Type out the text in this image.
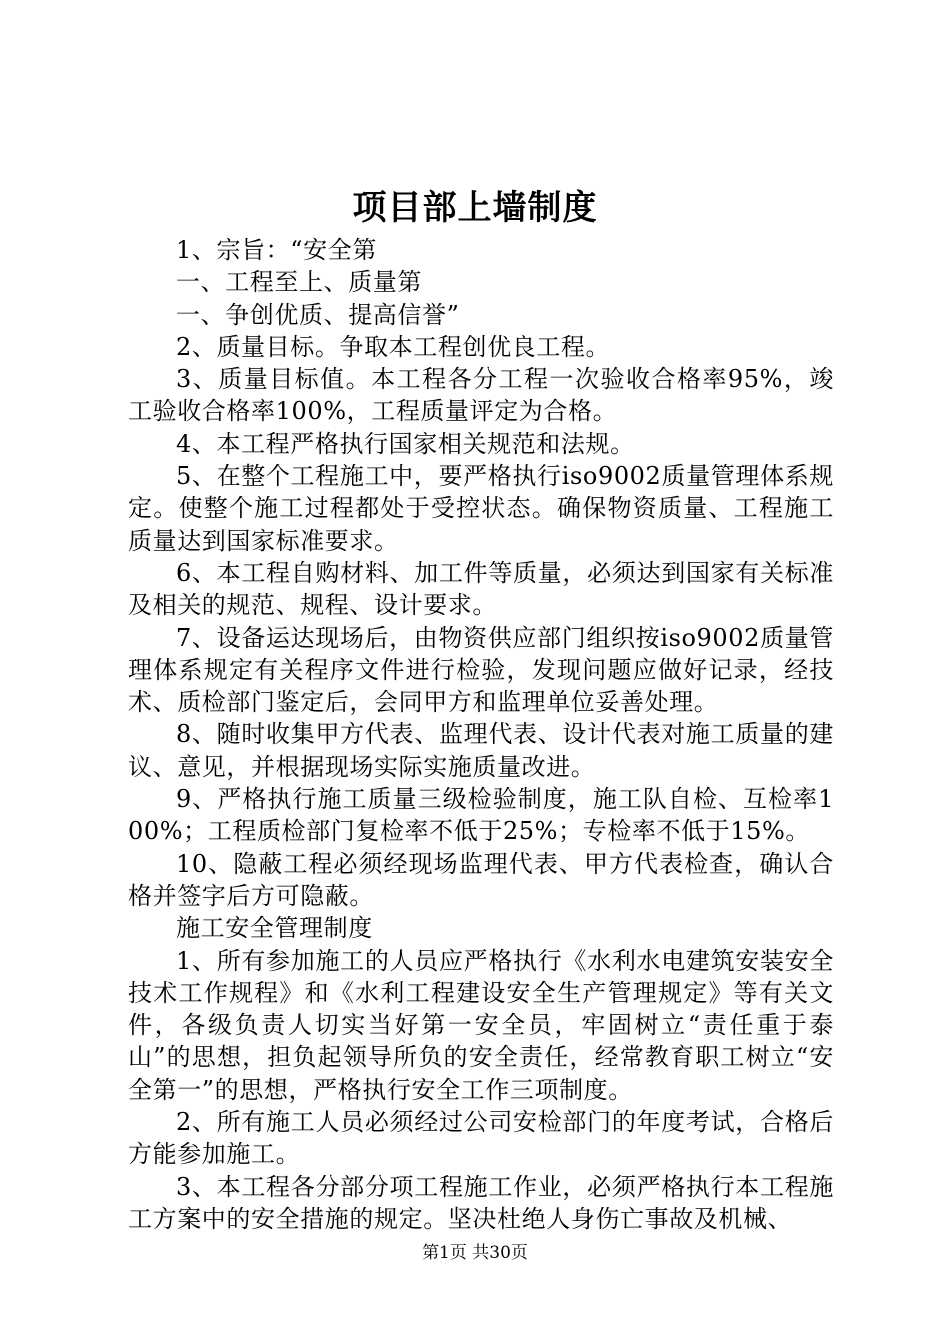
项目部上墙制度

1、宗旨：“安全第

一、工程至上、质量第

一、争创优质、提高信誉”

2、质量目标。争取本工程创优良工程。

3、质量目标值。本工程各分工程一次验收合格率95%，竣工验收合格率100%，工程质量评定为合格。

4、本工程严格执行国家相关规范和法规。

5、在整个工程施工中，要严格执行iso9002质量管理体系规定。使整个施工过程都处于受控状态。确保物资质量、工程施工质量达到国家标准要求。

6、本工程自购材料、加工件等质量，必须达到国家有关标准及相关的规范、规程、设计要求。

7、设备运达现场后，由物资供应部门组织按iso9002质量管理体系规定有关程序文件进行检验，发现问题应做好记录，经技术、质检部门鉴定后，会同甲方和监理单位妥善处理。

8、随时收集甲方代表、监理代表、设计代表对施工质量的建议、意见，并根据现场实际实施质量改进。

9、严格执行施工质量三级检验制度，施工队自检、互检率100%；工程质检部门复检率不低于25%；专检率不低于15%。

10、隐蔽工程必须经现场监理代表、甲方代表检查，确认合格并签字后方可隐蔽。

施工安全管理制度

1、所有参加施工的人员应严格执行《水利水电建筑安装安全技术工作规程》和《水利工程建设安全生产管理规定》等有关文件，各级负责人切实当好第一安全员，牢固树立“责任重于泰山”的思想，担负起领导所负的安全责任，经常教育职工树立“安全第一”的思想，严格执行安全工作三项制度。

2、所有施工人员必须经过公司安检部门的年度考试，合格后方能参加施工。

3、本工程各分部分项工程施工作业，必须严格执行本工程施工方案中的安全措施的规定。坚决杜绝人身伤亡事故及机械、

第1页 共30页
